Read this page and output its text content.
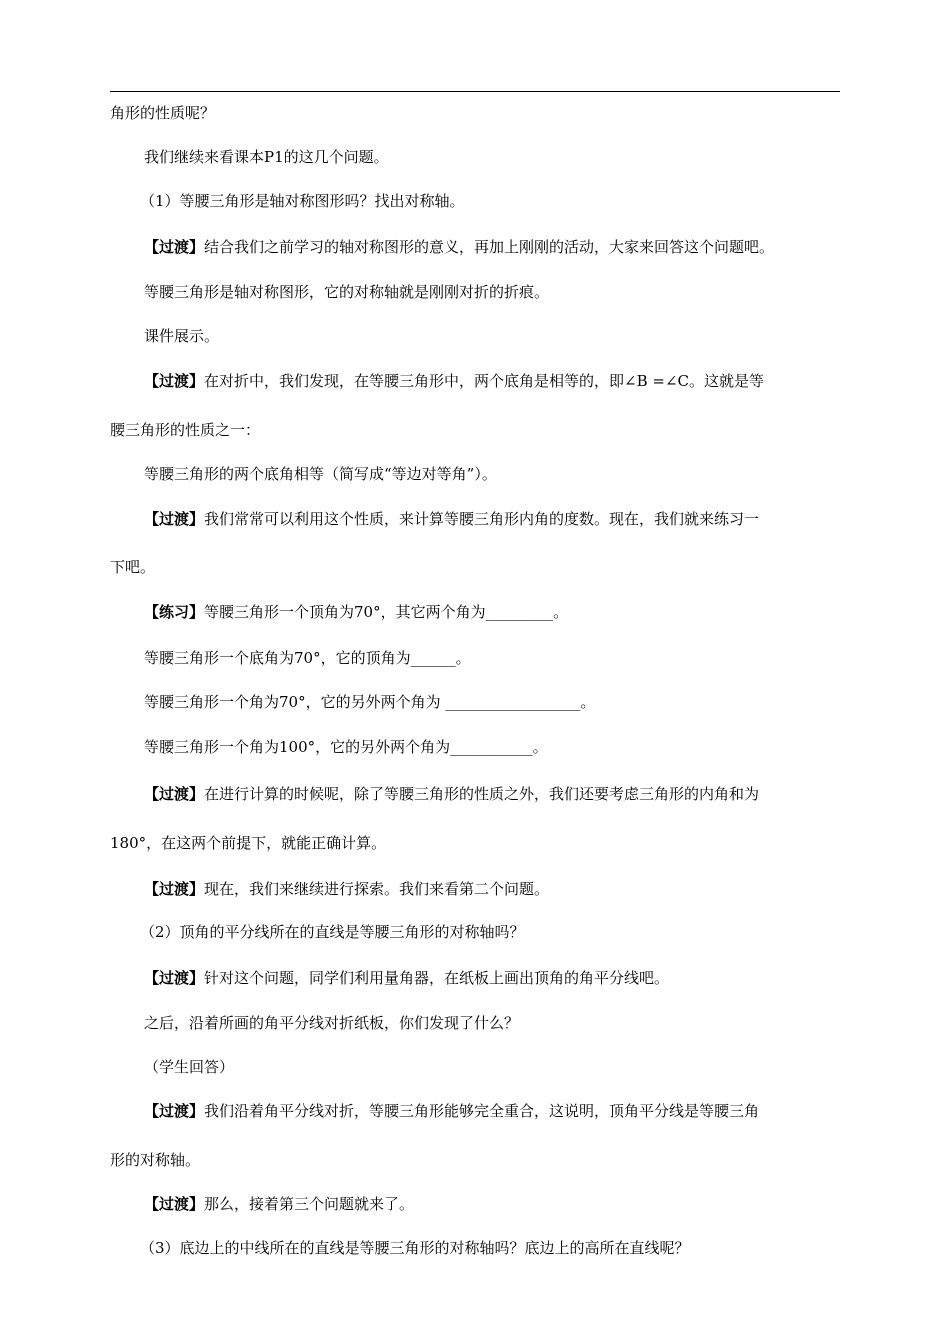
角形的性质呢？
我们继续来看课本P1的这几个问题。
（1）等腰三角形是轴对称图形吗？找出对称轴。
【过渡】结合我们之前学习的轴对称图形的意义，再加上刚刚的活动，大家来回答这个问题吧。
等腰三角形是轴对称图形，它的对称轴就是刚刚对折的折痕。
课件展示。
【过渡】在对折中，我们发现，在等腰三角形中，两个底角是相等的，即∠B =∠C。这就是等
腰三角形的性质之一：
等腰三角形的两个底角相等（简写成“等边对等角”）。
【过渡】我们常常可以利用这个性质，来计算等腰三角形内角的度数。现在，我们就来练习一
下吧。
【练习】等腰三角形一个顶角为70°，其它两个角为_________。
等腰三角形一个底角为70°，它的顶角为______。
等腰三角形一个角为70°，它的另外两个角为 __________________。
等腰三角形一个角为100°，它的另外两个角为___________。
【过渡】在进行计算的时候呢，除了等腰三角形的性质之外，我们还要考虑三角形的内角和为
180°，在这两个前提下，就能正确计算。
【过渡】现在，我们来继续进行探索。我们来看第二个问题。
（2）顶角的平分线所在的直线是等腰三角形的对称轴吗？
【过渡】针对这个问题，同学们利用量角器，在纸板上画出顶角的角平分线吧。
之后，沿着所画的角平分线对折纸板，你们发现了什么？
（学生回答）
【过渡】我们沿着角平分线对折，等腰三角形能够完全重合，这说明，顶角平分线是等腰三角
形的对称轴。
【过渡】那么，接着第三个问题就来了。
（3）底边上的中线所在的直线是等腰三角形的对称轴吗？底边上的高所在直线呢？
